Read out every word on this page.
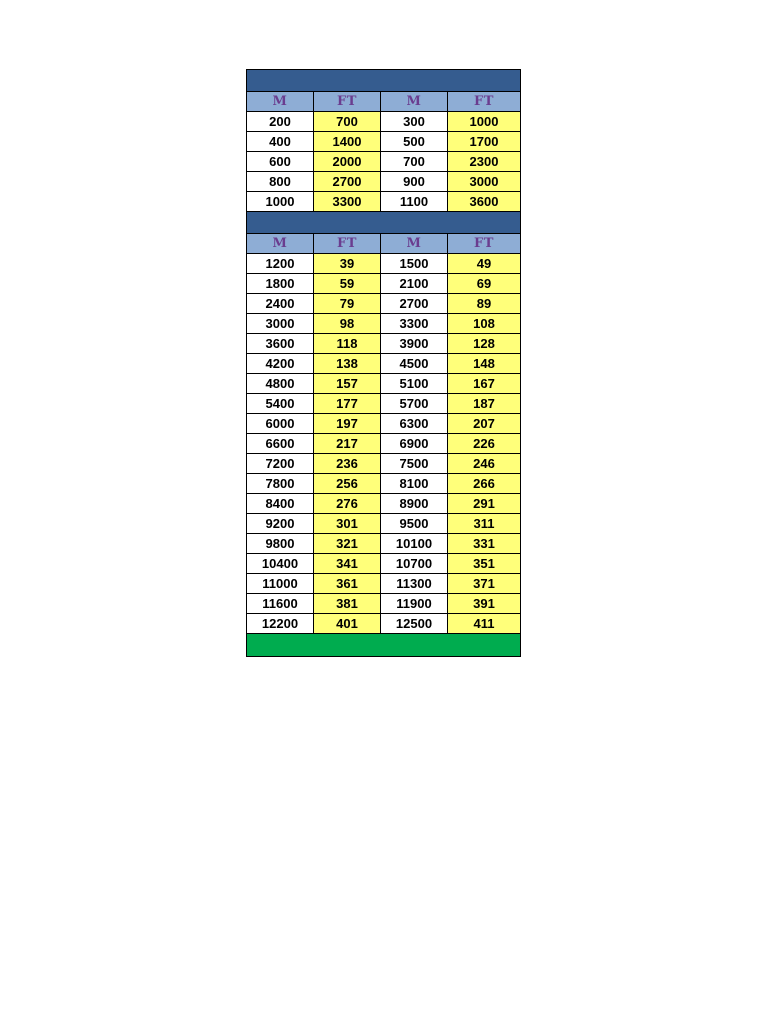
M	FT	M	FT
200	700	300	1000
400	1400	500	1700
600	2000	700	2300
800	2700	900	3000
1000	3300	1100	3600
M	FT	M	FT
1200	39	1500	49
1800	59	2100	69
2400	79	2700	89
3000	98	3300	108
3600	118	3900	128
4200	138	4500	148
4800	157	5100	167
5400	177	5700	187
6000	197	6300	207
6600	217	6900	226
7200	236	7500	246
7800	256	8100	266
8400	276	8900	291
9200	301	9500	311
9800	321	10100	331
10400	341	10700	351
11000	361	11300	371
11600	381	11900	391
12200	401	12500	411
